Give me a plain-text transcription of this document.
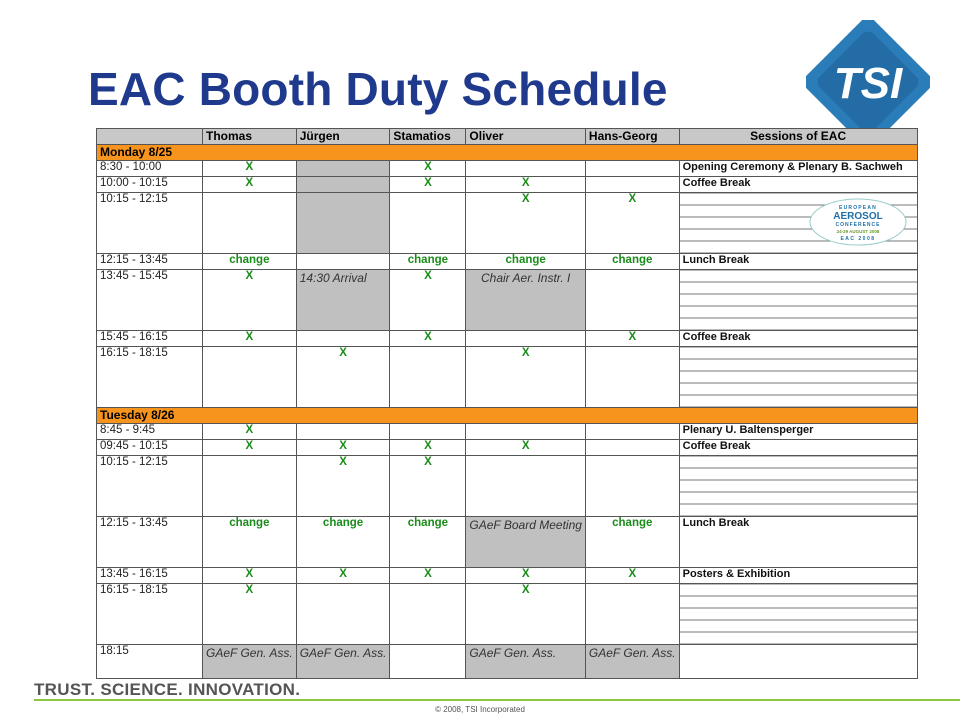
EAC Booth Duty Schedule	TSI
	Thomas	Jürgen	Stamatios	Oliver	Hans-Georg	Sessions of EAC
Monday 8/25						
8:30 - 10:00	X		X			Opening Ceremony & Plenary B. Sachweh
10:00 - 10:15	X		X	X		Coffee Break
10:15 - 12:15				X	X	EUROPEAN
AEROSOL
CONFERENCE
24-29 AUGUST 2008
EAC 2008

12:15 - 13:45	change		change	change	change	Lunch Break
13:45 - 15:45	X	14:30 Arrival	X	Chair Aer. Instr. I		
15:45 - 16:15	X		X		X	Coffee Break
16:15 - 18:15		X		X		
Tuesday 8/26						
8:45 - 9:45	X					Plenary U. Baltensperger
09:45 - 10:15	X	X	X	X		Coffee Break
10:15 - 12:15		X	X			
12:15 - 13:45	change	change	change	GAeF Board Meeting	change	Lunch Break
13:45 - 16:15	X	X	X	X	X	Posters & Exhibition
16:15 - 18:15	X			X		
18:15	GAeF Gen. Ass.	GAeF Gen. Ass.		GAeF Gen. Ass.	GAeF Gen. Ass.	
TRUST. SCIENCE. INNOVATION.
© 2008, TSI Incorporated
